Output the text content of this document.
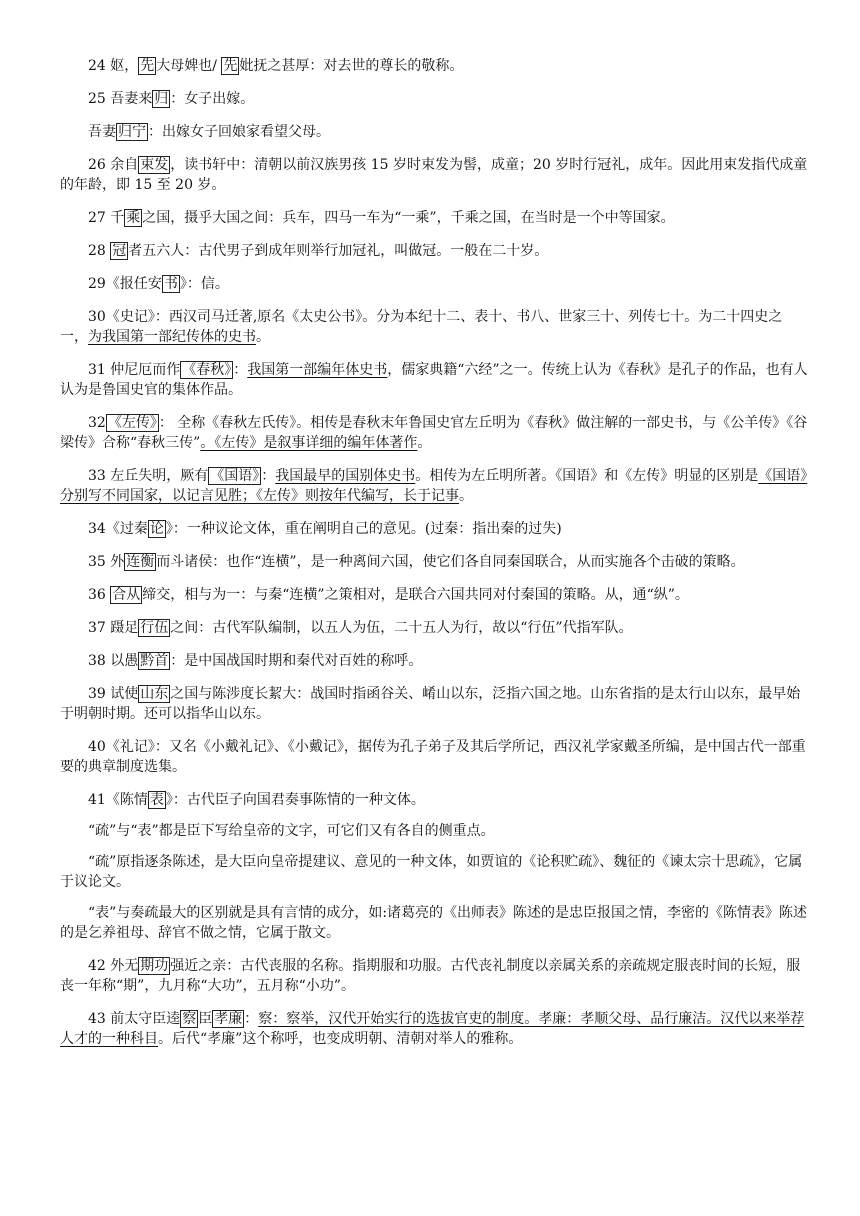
24 妪， 先 大母婢也/ 先 妣抚之甚厚：对去世的尊长的敬称。

25 吾妻来 归 ：女子出嫁。

吾妻 归宁 ：出嫁女子回娘家看望父母。

26 余自 束发 ，读书轩中：清朝以前汉族男孩 15 岁时束发为髻，成童；20 岁时行冠礼，成年。因此用束发指代成童的年龄，即 15 至 20 岁。

27 千 乘 之国，摄乎大国之间：兵车，四马一车为“一乘”，千乘之国，在当时是一个中等国家。

28 冠 者五六人：古代男子到成年则举行加冠礼，叫做冠。一般在二十岁。

29《报任安 书 》：信。

30《史记》：西汉司马迁著,原名《太史公书》。分为本纪十二、表十、书八、世家三十、列传七十。为二十四史之一，为我国第一部纪传体的史书。

31 仲尼厄而作 《春秋》 ：我国第一部编年体史书，儒家典籍“六经”之一。传统上认为《春秋》是孔子的作品，也有人认为是鲁国史官的集体作品。

32 《左传》 ： 全称《春秋左氏传》。相传是春秋末年鲁国史官左丘明为《春秋》做注解的一部史书，与《公羊传》《谷梁传》合称“春秋三传”。《左传》是叙事详细的编年体著作。

33 左丘失明，厥有 《国语》 ：我国最早的国别体史书。相传为左丘明所著。《国语》和《左传》明显的区别是《国语》分别写不同国家，以记言见胜；《左传》则按年代编写，长于记事。

34《过秦 论 》：一种议论文体，重在阐明自己的意见。(过秦：指出秦的过失)

35 外 连衡 而斗诸侯：也作“连横”，是一种离间六国，使它们各自同秦国联合，从而实施各个击破的策略。

36 合从 缔交，相与为一：与秦“连横”之策相对，是联合六国共同对付秦国的策略。从，通“纵”。

37 蹑足 行伍 之间：古代军队编制，以五人为伍，二十五人为行，故以“行伍”代指军队。

38 以愚 黔首 ：是中国战国时期和秦代对百姓的称呼。

39 试使 山东 之国与陈涉度长絜大：战国时指函谷关、崤山以东，泛指六国之地。山东省指的是太行山以东，最早始于明朝时期。还可以指华山以东。

40《礼记》：又名《小戴礼记》、《小戴记》，据传为孔子弟子及其后学所记，西汉礼学家戴圣所编，是中国古代一部重要的典章制度选集。

41《陈情 表 》：古代臣子向国君奏事陈情的一种文体。

“疏”与“表”都是臣下写给皇帝的文字，可它们又有各自的侧重点。

“疏”原指逐条陈述，是大臣向皇帝提建议、意见的一种文体，如贾谊的《论积贮疏》、魏征的《谏太宗十思疏》，它属于议论文。

“表”与奏疏最大的区别就是具有言情的成分，如:诸葛亮的《出师表》陈述的是忠臣报国之情，李密的《陈情表》陈述的是乞养祖母、辞官不做之情，它属于散文。

42 外无 期功 强近之亲：古代丧服的名称。指期服和功服。古代丧礼制度以亲属关系的亲疏规定服丧时间的长短，服丧一年称“期”，九月称“大功”，五月称“小功”。

43 前太守臣逵 察 臣 孝廉 ：察：察举，汉代开始实行的选拔官吏的制度。孝廉：孝顺父母、品行廉洁。汉代以来举荐人才的一种科目。后代“孝廉”这个称呼，也变成明朝、清朝对举人的雅称。
